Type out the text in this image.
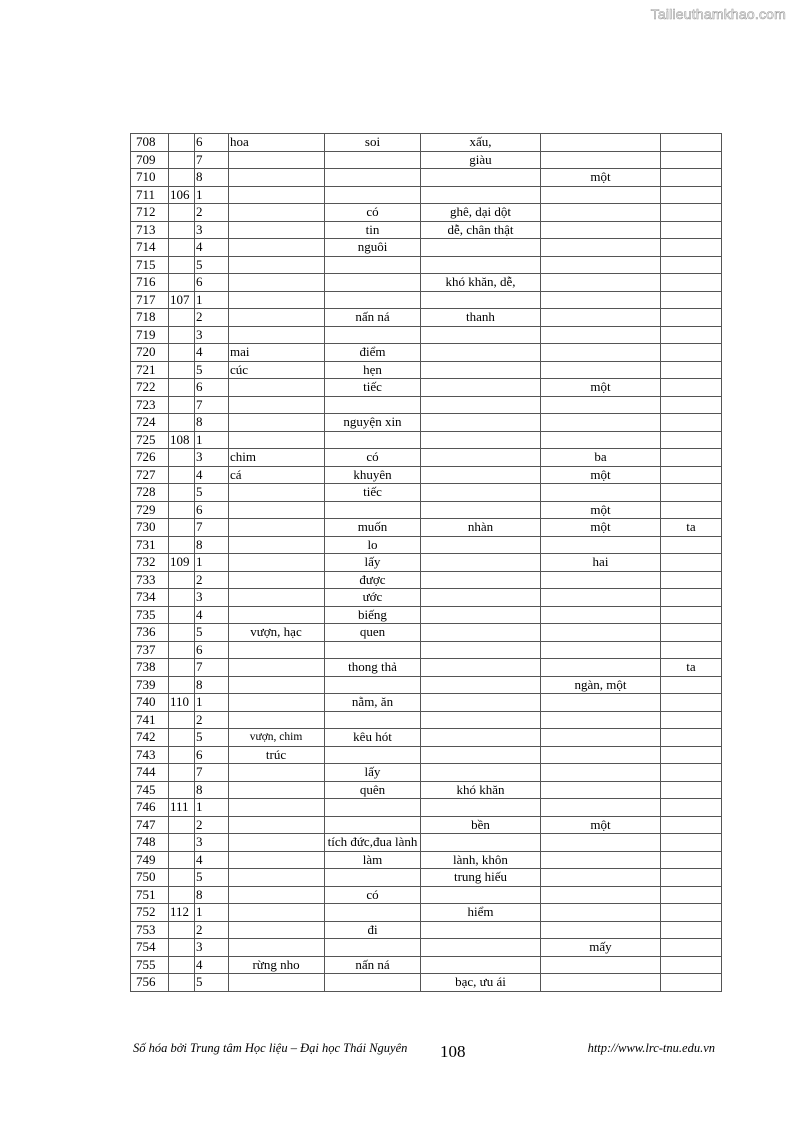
Tailieuthamkhao.com
708		6	hoa	soi	xấu,		
709		7			giàu		
710		8				một	
711	106	1					
712		2		có	ghê, dại dột		
713		3		tin	dễ, chân thật		
714		4		nguôi			
715		5					
716		6			khó khăn, dễ,		
717	107	1					
718		2		nấn ná	thanh		
719		3					
720		4	mai	điểm			
721		5	cúc	hẹn			
722		6		tiếc		một	
723		7					
724		8		nguyện xin			
725	108	1					
726		3	chim	có		ba	
727		4	cá	khuyên		một	
728		5		tiếc			
729		6				một	
730		7		muốn	nhàn	một	ta
731		8		lo			
732	109	1		lấy		hai	
733		2		được			
734		3		ước			
735		4		biếng			
736		5	vượn, hạc	quen			
737		6					
738		7		thong thả			ta
739		8				ngàn, một	
740	110	1		nằm, ăn			
741		2					
742		5	vượn, chim	kêu hót			
743		6	trúc				
744		7		lấy			
745		8		quên	khó khăn		
746	111	1					
747		2			bền	một	
748		3		tích đức,đua lành			
749		4		làm	lành, khôn		
750		5			trung hiếu		
751		8		có			
752	112	1			hiểm		
753		2		đi			
754		3				mấy	
755		4	rừng nho	nấn ná			
756		5			bạc, ưu ái		
Số hóa bởi Trung tâm Học liệu – Đại học Thái Nguyên 108	http://www.lrc-tnu.edu.vn
